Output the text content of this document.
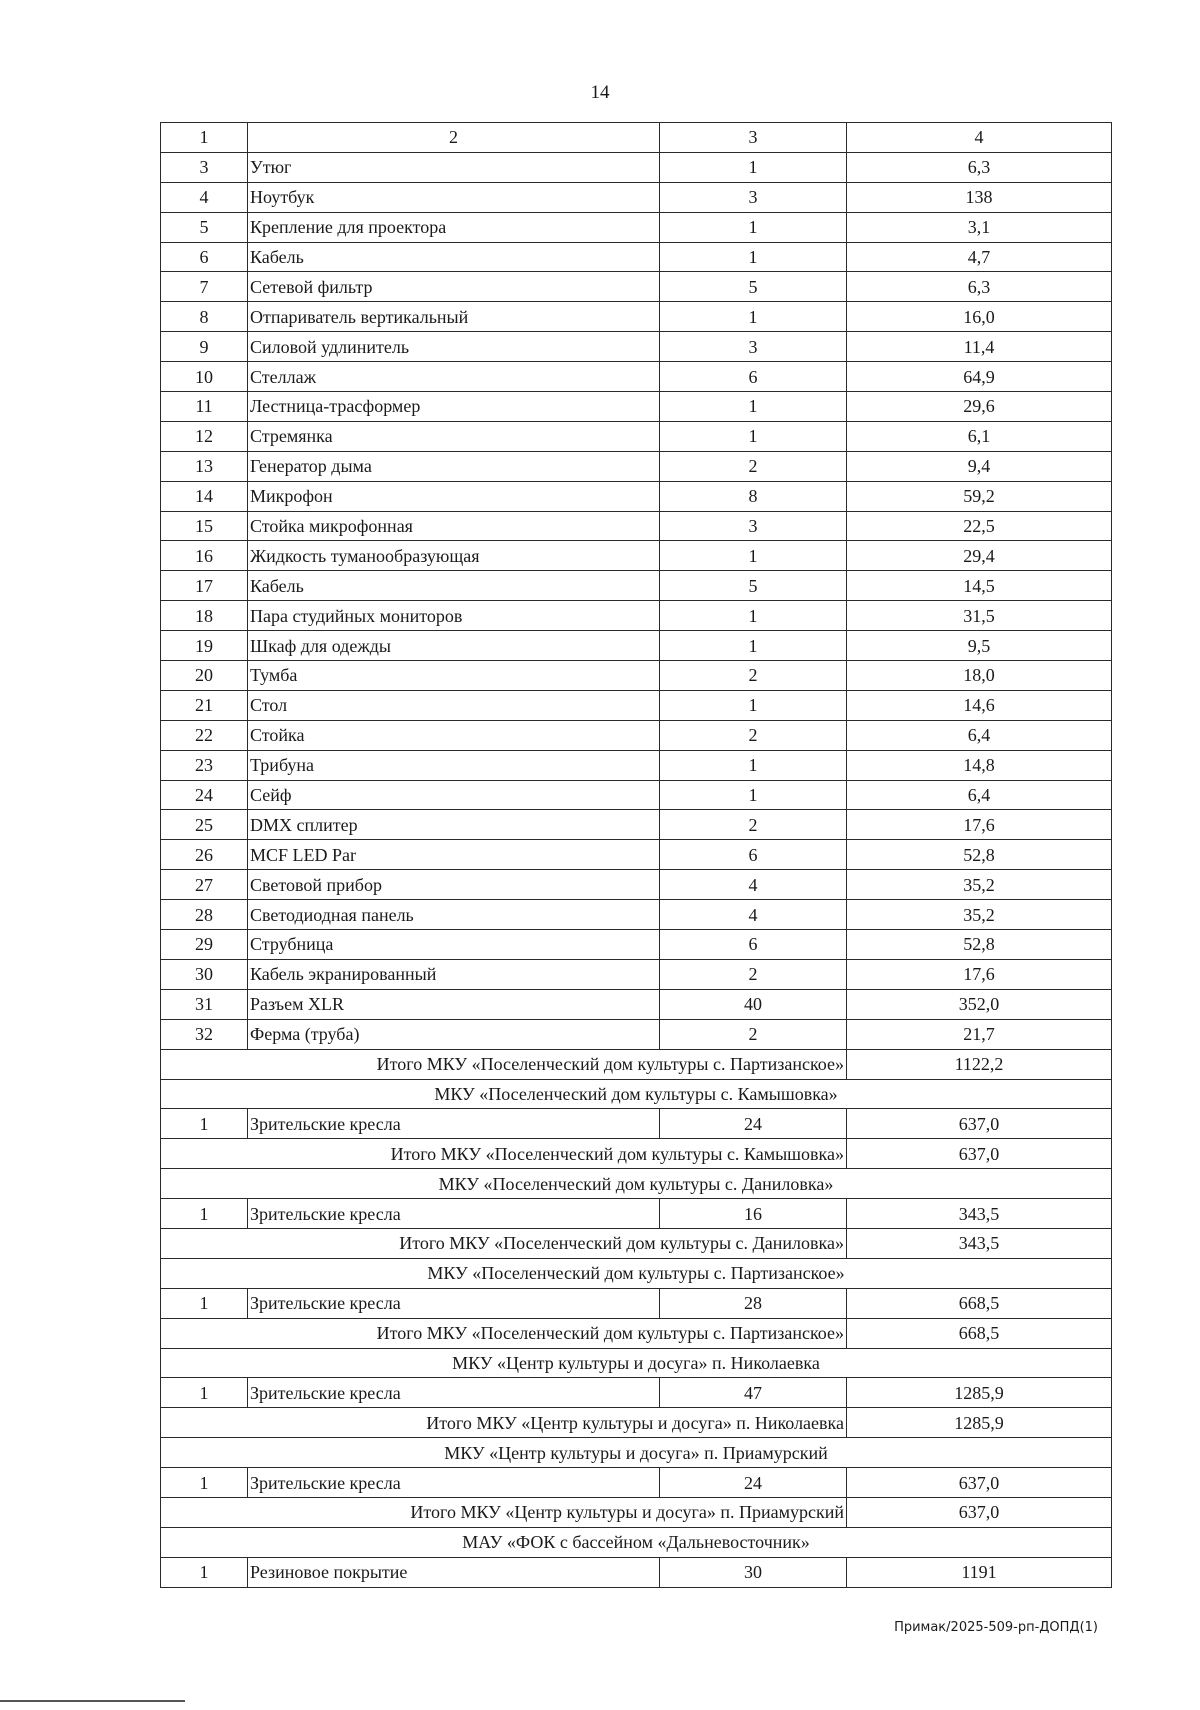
14
1	2	3	4
3	Утюг	1	6,3
4	Ноутбук	3	138
5	Крепление для проектора	1	3,1
6	Кабель	1	4,7
7	Сетевой фильтр	5	6,3
8	Отпариватель вертикальный	1	16,0
9	Силовой удлинитель	3	11,4
10	Стеллаж	6	64,9
11	Лестница-трасформер	1	29,6
12	Стремянка	1	6,1
13	Генератор дыма	2	9,4
14	Микрофон	8	59,2
15	Стойка микрофонная	3	22,5
16	Жидкость туманообразующая	1	29,4
17	Кабель	5	14,5
18	Пара студийных мониторов	1	31,5
19	Шкаф для одежды	1	9,5
20	Тумба	2	18,0
21	Стол	1	14,6
22	Стойка	2	6,4
23	Трибуна	1	14,8
24	Сейф	1	6,4
25	DMX сплитер	2	17,6
26	MCF LED Par	6	52,8
27	Световой прибор	4	35,2
28	Светодиодная панель	4	35,2
29	Струбница	6	52,8
30	Кабель экранированный	2	17,6
31	Разъем XLR	40	352,0
32	Ферма (труба)	2	21,7
Итого МКУ «Поселенческий дом культуры с. Партизанское»			1122,2
МКУ «Поселенческий дом культуры с. Камышовка»			
1	Зрительские кресла	24	637,0
Итого МКУ «Поселенческий дом культуры с. Камышовка»			637,0
МКУ «Поселенческий дом культуры с. Даниловка»			
1	Зрительские кресла	16	343,5
Итого МКУ «Поселенческий дом культуры с. Даниловка»			343,5
МКУ «Поселенческий дом культуры с. Партизанское»			
1	Зрительские кресла	28	668,5
Итого МКУ «Поселенческий дом культуры с. Партизанское»			668,5
МКУ «Центр культуры и досуга» п. Николаевка			
1	Зрительские кресла	47	1285,9
Итого МКУ «Центр культуры и досуга» п. Николаевка			1285,9
МКУ «Центр культуры и досуга» п. Приамурский			
1	Зрительские кресла	24	637,0
Итого МКУ «Центр культуры и досуга» п. Приамурский			637,0
МАУ «ФОК с бассейном «Дальневосточник»			
1	Резиновое покрытие	30	1191
Примак/2025-509-рп-ДОПД(1)
